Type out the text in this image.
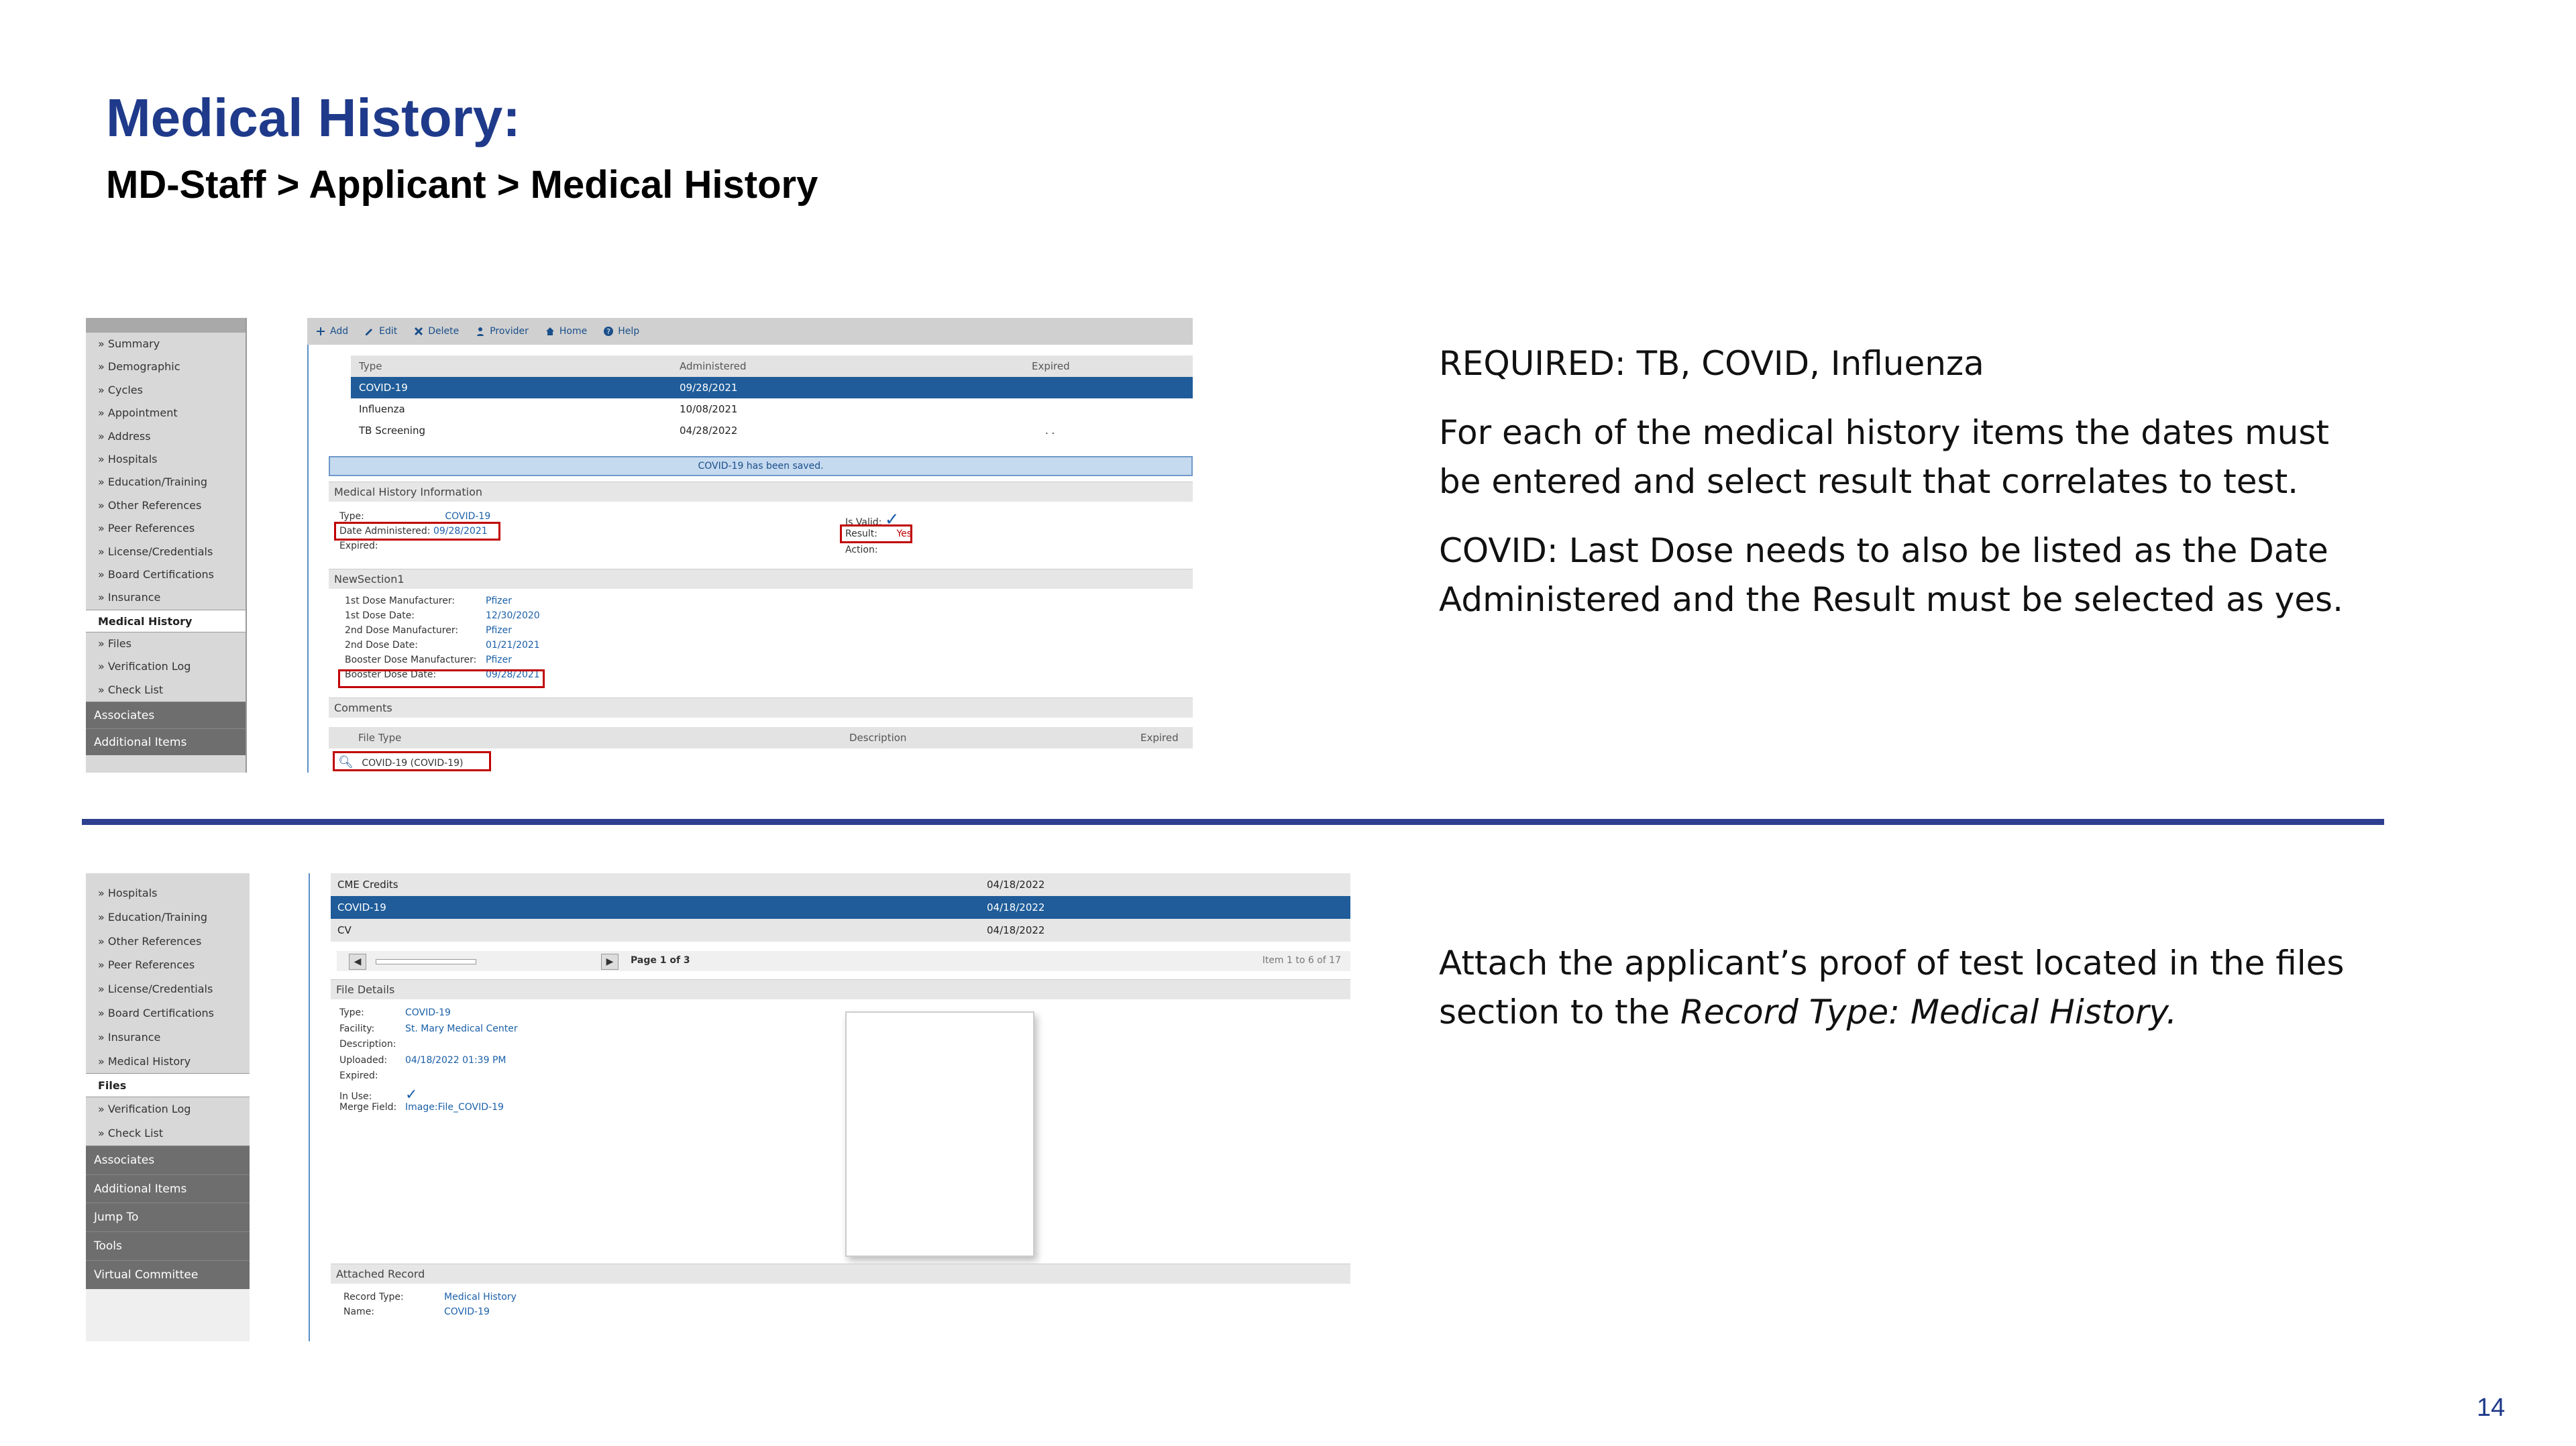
Medical History:
MD-Staff > Applicant > Medical History
14

REQUIRED: TB, COVID, Influenza

For each of the medical history items the dates must be entered and select result that correlates to test.

COVID: Last Dose needs to also be listed as the Date Administered and the Result must be selected as yes.

Attach the applicant’s proof of test located in the files section to the Record Type: Medical History.

» Summary
» Demographic
» Cycles
» Appointment
» Address
» Hospitals
» Education/Training
» Other References
» Peer References
» License/Credentials
» Board Certifications
» Insurance
Medical History
» Files
» Verification Log
» Check List
Associates
Additional Items
Add	Edit	Delete	Provider	Home	? Help
Type	Administered	Expired
COVID-19	09/28/2021
Influenza	10/08/2021
TB Screening	04/28/2022	. .
COVID-19 has been saved.
Medical History Information
Type:	COVID-19
Date Administered: 09/28/2021
Expired:
Is Valid: ✓
Result: Yes
Action:
NewSection1
1st Dose Manufacturer:	Pfizer
1st Dose Date:	12/30/2020
2nd Dose Manufacturer:	Pfizer
2nd Dose Date:	01/21/2021
Booster Dose Manufacturer: Pfizer
Booster Dose Date:	09/28/2021
Comments
File Type	Description	Expired
🔍︎ COVID-19 (COVID-19)
» Hospitals
» Education/Training
» Other References
» Peer References
» License/Credentials
» Board Certifications
» Insurance
» Medical History
Files
» Verification Log
» Check List
Associates
Additional Items
Jump To
Tools
Virtual Committee
CME Credits	04/18/2022
COVID-19	04/18/2022
CV	04/18/2022
◀	▶	Page 1 of 3	Item 1 to 6 of 17
File Details
Type:	COVID-19
Facility:	St. Mary Medical Center
Description:
Uploaded: 04/18/2022 01:39 PM
Expired:
In Use: ✓
Merge Field: Image:File_COVID-19
Attached Record
Record Type:	Medical History
Name:	COVID-19
